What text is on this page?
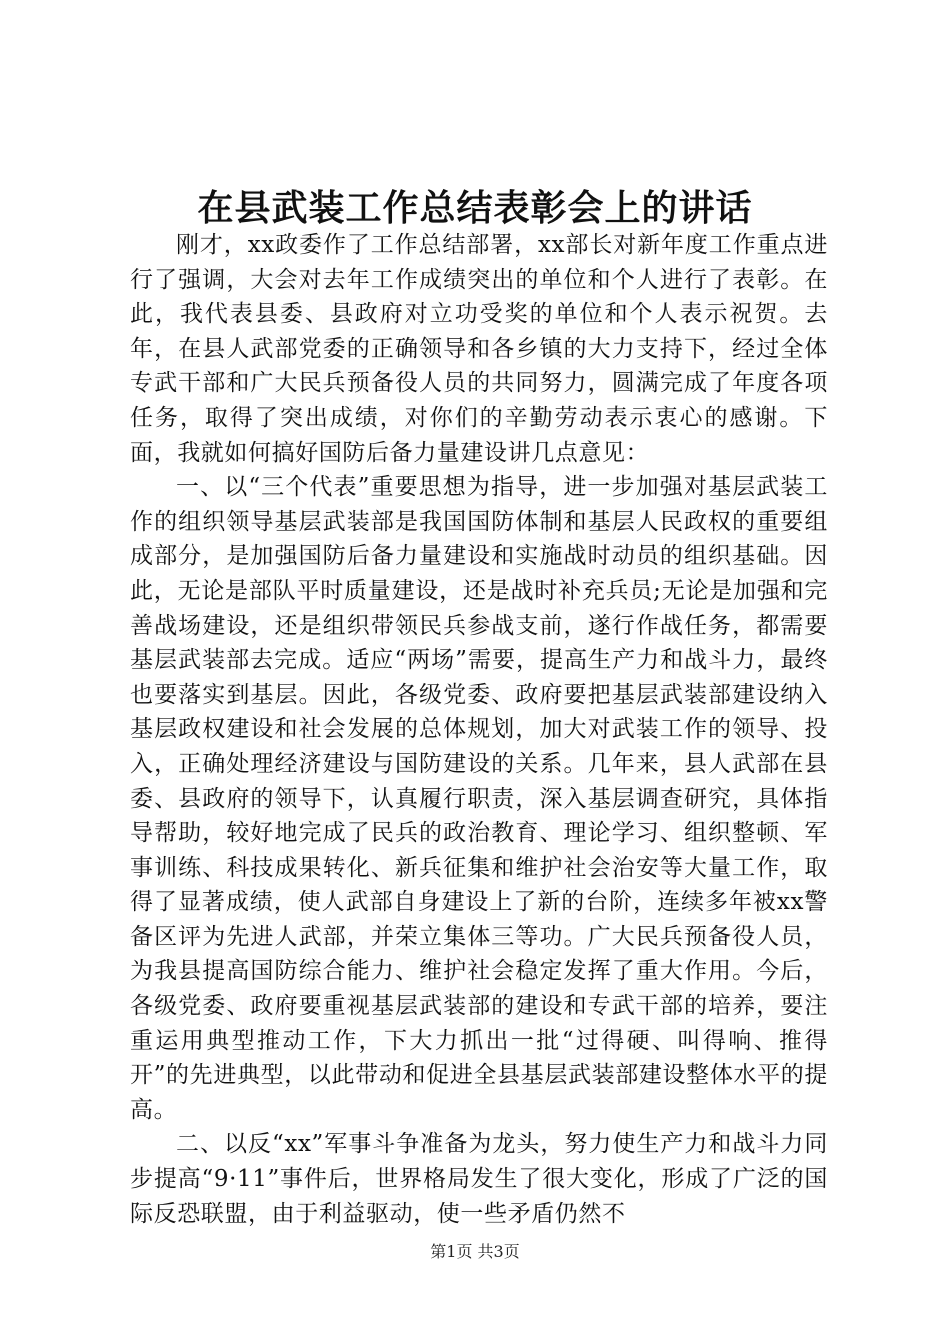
在县武装工作总结表彰会上的讲话

刚才，xx政委作了工作总结部署，xx部长对新年度工作重点进行了强调，大会对去年工作成绩突出的单位和个人进行了表彰。在此，我代表县委、县政府对立功受奖的单位和个人表示祝贺。去年，在县人武部党委的正确领导和各乡镇的大力支持下，经过全体专武干部和广大民兵预备役人员的共同努力，圆满完成了年度各项任务，取得了突出成绩，对你们的辛勤劳动表示衷心的感谢。下面，我就如何搞好国防后备力量建设讲几点意见：

一、以“三个代表”重要思想为指导，进一步加强对基层武装工作的组织领导基层武装部是我国国防体制和基层人民政权的重要组成部分，是加强国防后备力量建设和实施战时动员的组织基础。因此，无论是部队平时质量建设，还是战时补充兵员;无论是加强和完善战场建设，还是组织带领民兵参战支前，遂行作战任务，都需要基层武装部去完成。适应“两场”需要，提高生产力和战斗力，最终也要落实到基层。因此，各级党委、政府要把基层武装部建设纳入基层政权建设和社会发展的总体规划，加大对武装工作的领导、投入，正确处理经济建设与国防建设的关系。几年来，县人武部在县委、县政府的领导下，认真履行职责，深入基层调查研究，具体指导帮助，较好地完成了民兵的政治教育、理论学习、组织整顿、军事训练、科技成果转化、新兵征集和维护社会治安等大量工作，取得了显著成绩，使人武部自身建设上了新的台阶，连续多年被xx警备区评为先进人武部，并荣立集体三等功。广大民兵预备役人员，为我县提高国防综合能力、维护社会稳定发挥了重大作用。今后，各级党委、政府要重视基层武装部的建设和专武干部的培养，要注重运用典型推动工作，下大力抓出一批“过得硬、叫得响、推得开”的先进典型，以此带动和促进全县基层武装部建设整体水平的提高。

二、以反“xx”军事斗争准备为龙头，努力使生产力和战斗力同步提高“9·11”事件后，世界格局发生了很大变化，形成了广泛的国际反恐联盟，由于利益驱动，使一些矛盾仍然不

第1页 共3页
